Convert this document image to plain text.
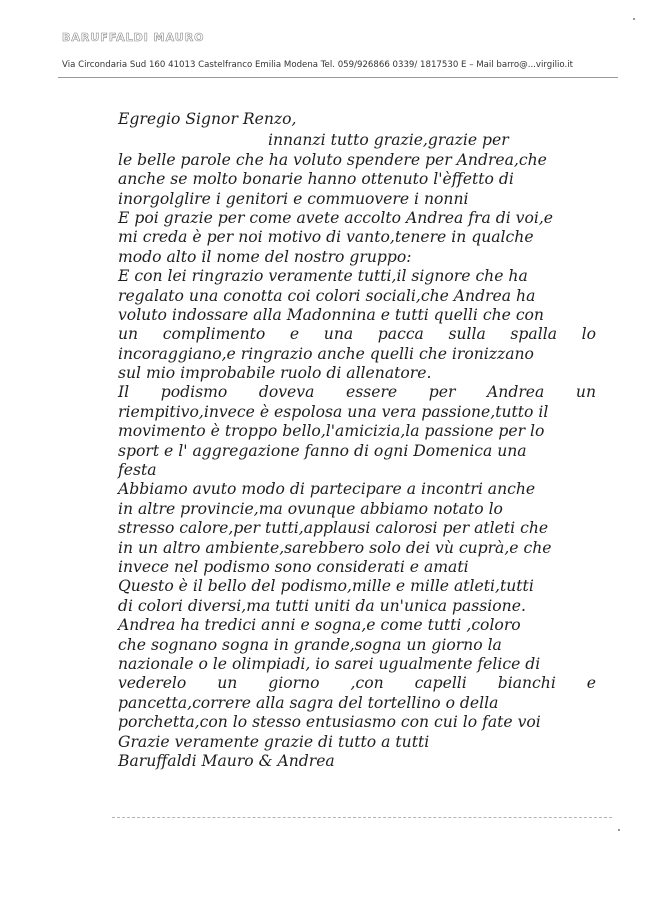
BARUFFALDI MAURO
Via Circondaria Sud 160 41013 Castelfranco Emilia Modena Tel. 059/926866 0339/ 1817530 E – Mail barro@...virgilio.it
Egregio Signor Renzo,
innanzi tutto grazie,grazie per
le belle parole che ha voluto spendere per Andrea,che
anche se molto bonarie hanno ottenuto l'èffetto di
inorgolglire i genitori e commuovere i nonni
E poi grazie per come avete accolto Andrea fra di voi,e
mi creda è per noi motivo di vanto,tenere in qualche
modo alto il nome del nostro gruppo:
E con lei ringrazio veramente tutti,il signore che ha
regalato una conotta coi colori sociali,che Andrea ha
voluto indossare alla Madonnina e tutti quelli che con
un complimento e una pacca sulla spalla lo
incoraggiano,e ringrazio anche quelli che ironizzano
sul mio improbabile ruolo di allenatore.
Il podismo doveva essere per Andrea un
riempitivo,invece è espolosa una vera passione,tutto il
movimento è troppo bello,l'amicizia,la passione per lo
sport e l' aggregazione fanno di ogni Domenica una
festa
Abbiamo avuto modo di partecipare a incontri anche
in altre provincie,ma ovunque abbiamo notato lo
stresso calore,per tutti,applausi calorosi per atleti che
in un altro ambiente,sarebbero solo dei vù cuprà,e che
invece nel podismo sono considerati e amati
Questo è il bello del podismo,mille e mille atleti,tutti
di colori diversi,ma tutti uniti da un'unica passione.
Andrea ha tredici anni e sogna,e come tutti ,coloro
che sognano sogna in grande,sogna un giorno la
nazionale o le olimpiadi, io sarei ugualmente felice di
vederelo un giorno ,con capelli bianchi e
pancetta,correre alla sagra del tortellino o della
porchetta,con lo stesso entusiasmo con cui lo fate voi
Grazie veramente grazie di tutto a tutti
Baruffaldi Mauro & Andrea
